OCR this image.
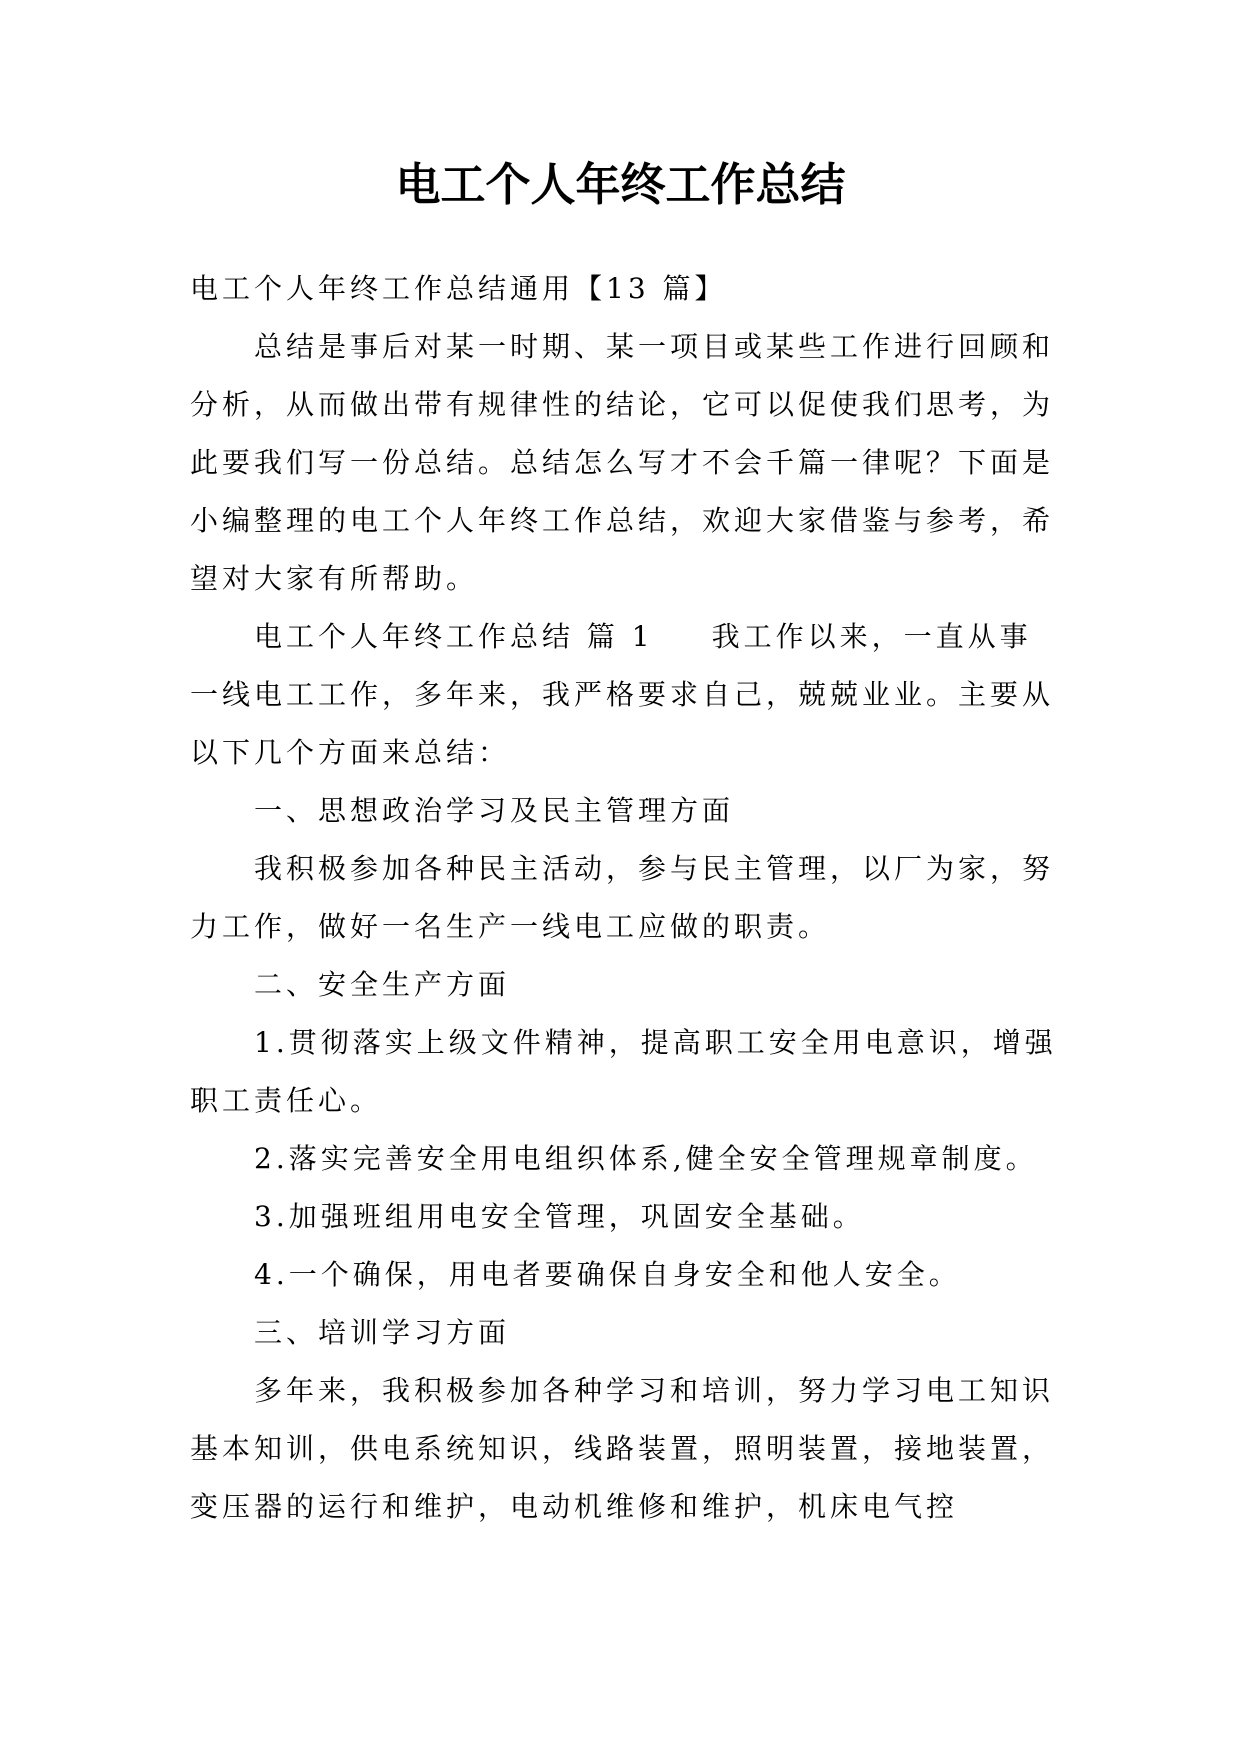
电工个人年终工作总结

电工个人年终工作总结通用【13 篇】

总结是事后对某一时期、某一项目或某些工作进行回顾和分析，从而做出带有规律性的结论，它可以促使我们思考，为此要我们写一份总结。总结怎么写才不会千篇一律呢？下面是小编整理的电工个人年终工作总结，欢迎大家借鉴与参考，希望对大家有所帮助。

电工个人年终工作总结 篇 1 我工作以来，一直从事一线电工工作，多年来，我严格要求自己，兢兢业业。主要从以下几个方面来总结：

一、思想政治学习及民主管理方面

我积极参加各种民主活动，参与民主管理，以厂为家，努力工作，做好一名生产一线电工应做的职责。

二、安全生产方面

1.贯彻落实上级文件精神，提高职工安全用电意识，增强职工责任心。

2.落实完善安全用电组织体系,健全安全管理规章制度。

3.加强班组用电安全管理，巩固安全基础。

4.一个确保，用电者要确保自身安全和他人安全。

三、培训学习方面

多年来，我积极参加各种学习和培训，努力学习电工知识基本知训，供电系统知识，线路装置，照明装置，接地装置，变压器的运行和维护，电动机维修和维护，机床电气控
